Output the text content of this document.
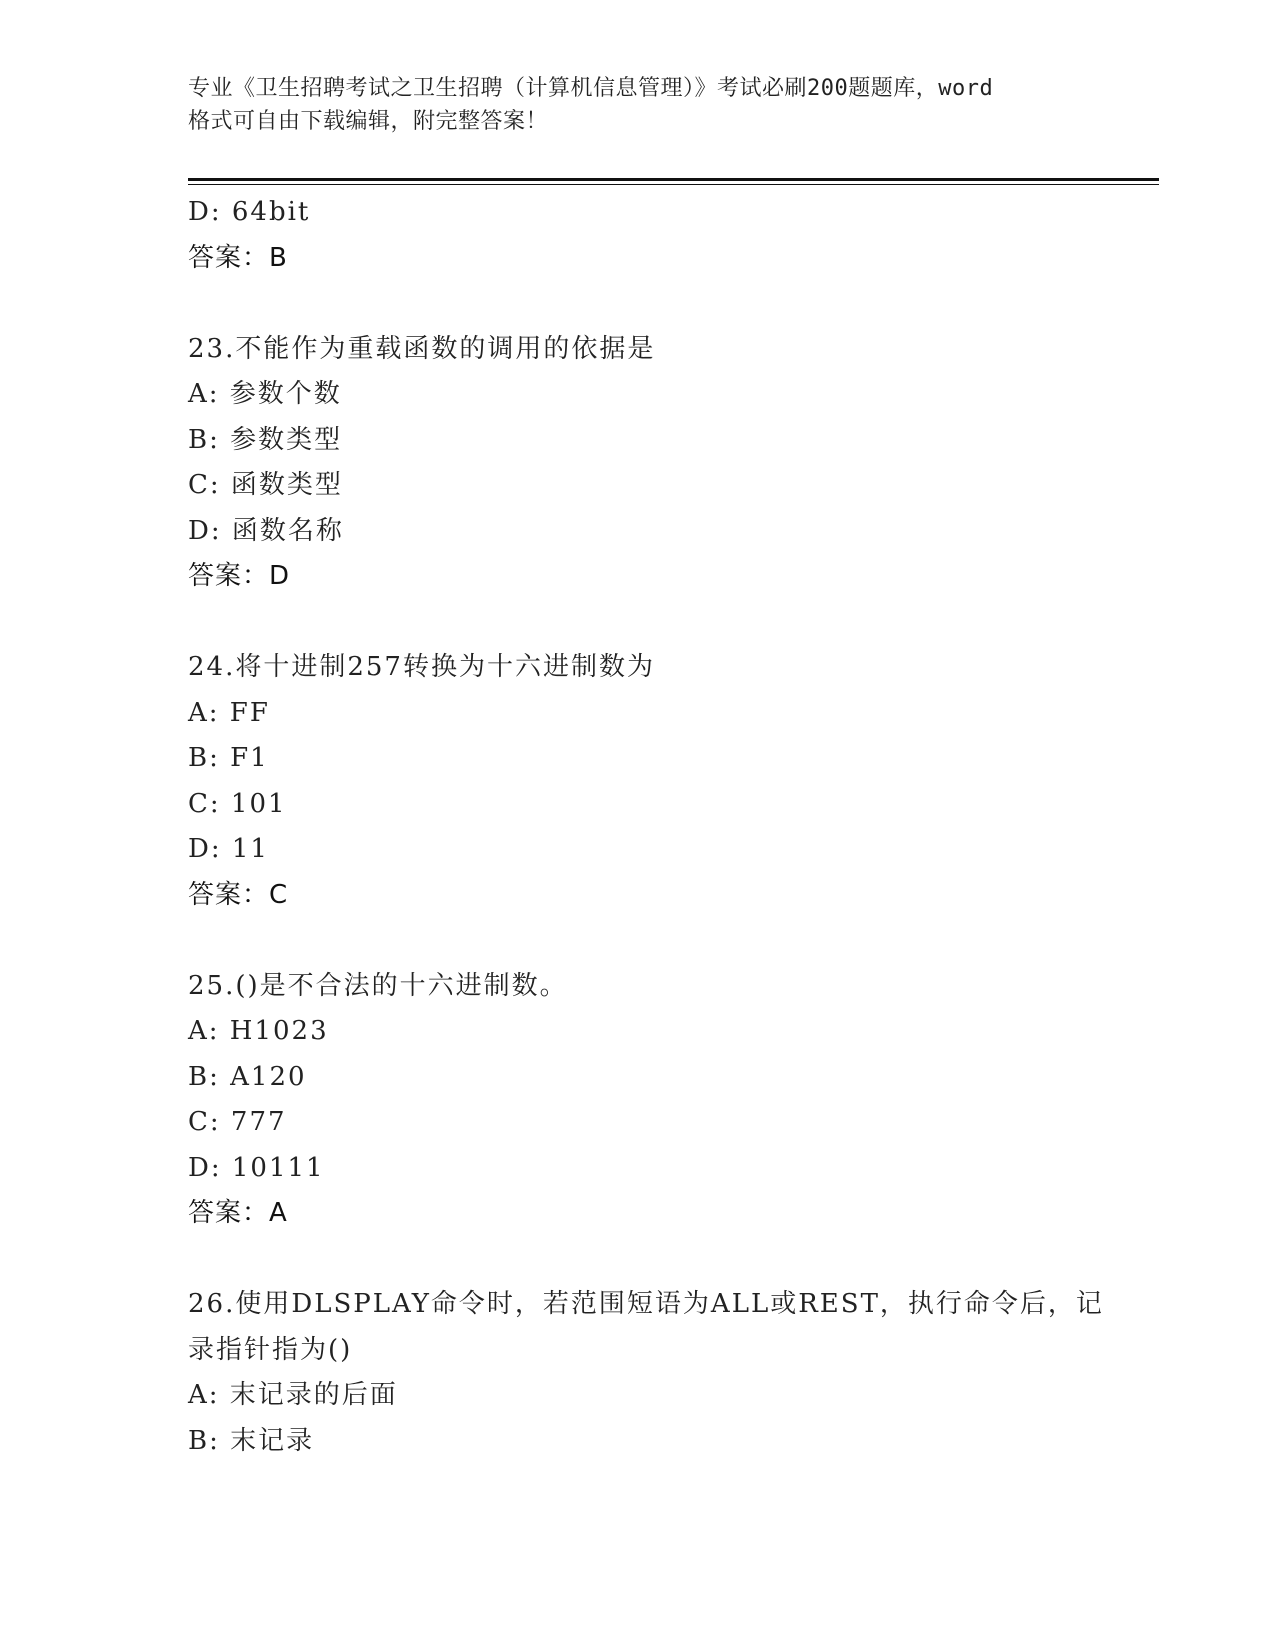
专业《卫生招聘考试之卫生招聘（计算机信息管理）》考试必刷200题题库，word
格式可自由下载编辑，附完整答案！
D: 64bit
答案：B
23.不能作为重载函数的调用的依据是
A: 参数个数
B: 参数类型
C: 函数类型
D: 函数名称
答案：D
24.将十进制257转换为十六进制数为
A: FF
B: F1
C: 101
D: 11
答案：C
25.()是不合法的十六进制数。
A: H1023
B: A120
C: 777
D: 10111
答案：A
26.使用DLSPLAY命令时，若范围短语为ALL或REST，执行命令后，记
录指针指为()
A: 末记录的后面
B: 末记录
